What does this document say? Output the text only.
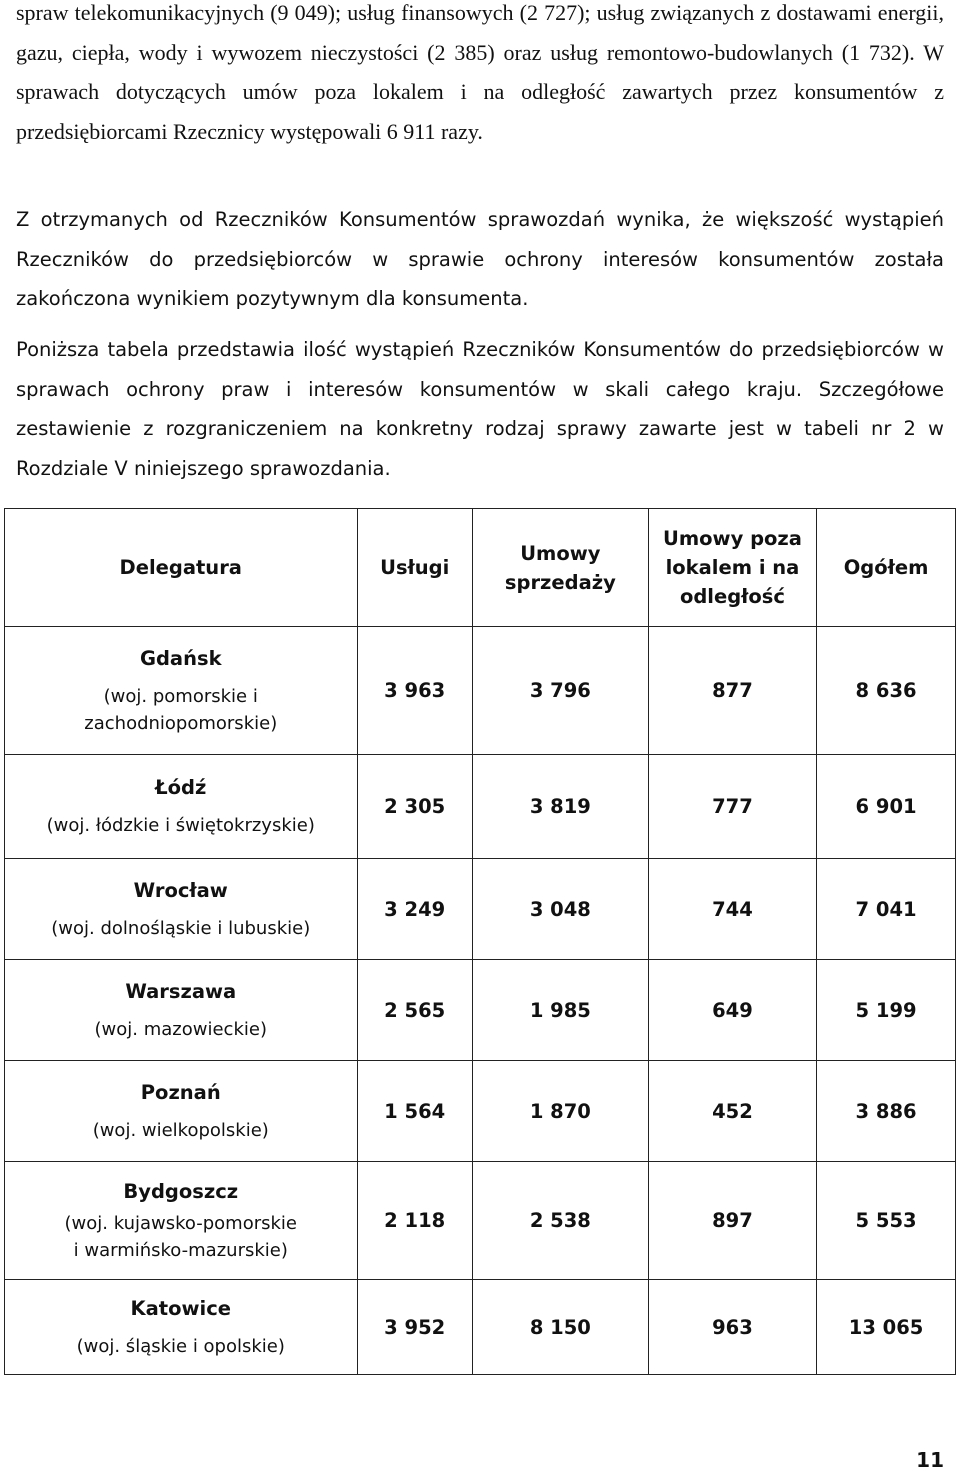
spraw telekomunikacyjnych (9 049); usług finansowych (2 727); usług związanych z dostawami energii, gazu, ciepła, wody i wywozem nieczystości (2 385) oraz usług remontowo-budowlanych (1 732). W sprawach dotyczących umów poza lokalem i na odległość zawartych przez konsumentów z przedsiębiorcami Rzecznicy występowali 6 911 razy.

Z otrzymanych od Rzeczników Konsumentów sprawozdań wynika, że większość wystąpień Rzeczników do przedsiębiorców w sprawie ochrony interesów konsumentów została zakończona wynikiem pozytywnym dla konsumenta.

Poniższa tabela przedstawia ilość wystąpień Rzeczników Konsumentów do przedsiębiorców w sprawach ochrony praw i interesów konsumentów w skali całego kraju. Szczegółowe zestawienie z rozgraniczeniem na konkretny rodzaj sprawy zawarte jest w tabeli nr 2 w Rozdziale V niniejszego sprawozdania.

Delegatura	Usługi	Umowy sprzedaży	Umowy poza lokalem i na odległość	Ogółem

Gdańsk
(woj. pomorskie i zachodniopomorskie)	3 963	3 796	877	8 636

Łódź
(woj. łódzkie i świętokrzyskie)	2 305	3 819	777	6 901

Wrocław
(woj. dolnośląskie i lubuskie)	3 249	3 048	744	7 041

Warszawa
(woj. mazowieckie)	2 565	1 985	649	5 199

Poznań
(woj. wielkopolskie)	1 564	1 870	452	3 886

Bydgoszcz
(woj. kujawsko-pomorskie i warmińsko-mazurskie)	2 118	2 538	897	5 553

Katowice
(woj. śląskie i opolskie)	3 952	8 150	963	13 065
11
